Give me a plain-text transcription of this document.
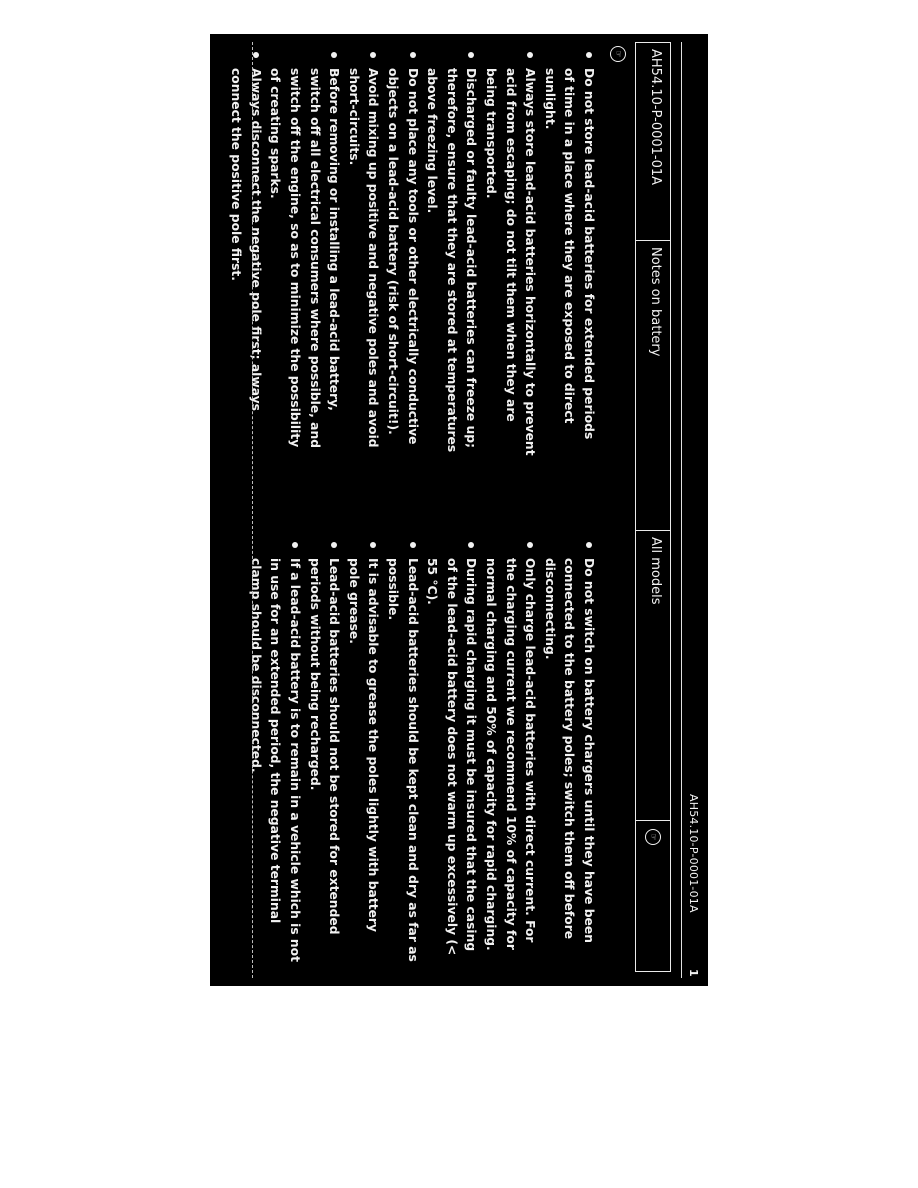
1
AH54.10-P-0001-01A
AH54.10-P-0001-01A
Notes on battery
All models
☞
☞
Do not store lead-acid batteries for extended periods of time in a place where they are exposed to direct sunlight.
Always store lead-acid batteries horizontally to prevent acid from escaping; do not tilt them when they are being transported.
Discharged or faulty lead-acid batteries can freeze up; therefore, ensure that they are stored at temperatures above freezing level.
Do not place any tools or other electrically conductive objects on a lead-acid battery (risk of short-circuit!).
Avoid mixing up positive and negative poles and avoid short-circuits.
Before removing or installing a lead-acid battery, switch off all electrical consumers where possible, and switch off the engine, so as to minimize the possibility of creating sparks.
Always disconnect the negative pole first; always connect the positive pole first.
Do not switch on battery chargers until they have been connected to the battery poles; switch them off before disconnecting.
Only charge lead-acid batteries with direct current. For the charging current we recommend 10% of capacity for normal charging and 50% of capacity for rapid charging.
During rapid charging it must be insured that the casing of the lead-acid battery does not warm up excessively (< 55 °C).
Lead-acid batteries should be kept clean and dry as far as possible.
It is advisable to grease the poles lightly with battery pole grease.
Lead-acid batteries should not be stored for extended periods without being recharged.
If a lead-acid battery is to remain in a vehicle which is not in use for an extended period, the negative terminal clamp should be disconnected.
